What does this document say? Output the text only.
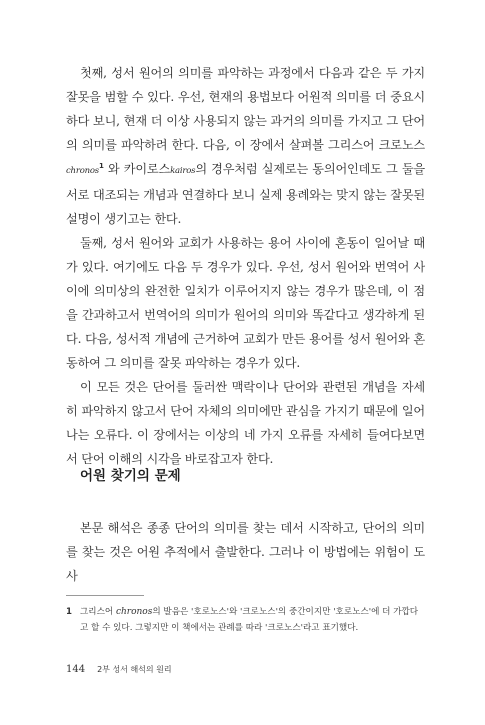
첫째, 성서 원어의 의미를 파악하는 과정에서 다음과 같은 두 가지 잘못을 범할 수 있다. 우선, 현재의 용법보다 어원적 의미를 더 중요시하다 보니, 현재 더 이상 사용되지 않는 과거의 의미를 가지고 그 단어의 의미를 파악하려 한다. 다음, 이 장에서 살펴볼 그리스어 크로노스chronos$^1$ 와 카이로스kairos의 경우처럼 실제로는 동의어인데도 그 둘을 서로 대조되는 개념과 연결하다 보니 실제 용례와는 맞지 않는 잘못된 설명이 생기고는 한다.

둘째, 성서 원어와 교회가 사용하는 용어 사이에 혼동이 일어날 때가 있다. 여기에도 다음 두 경우가 있다. 우선, 성서 원어와 번역어 사이에 의미상의 완전한 일치가 이루어지지 않는 경우가 많은데, 이 점을 간과하고서 번역어의 의미가 원어의 의미와 똑같다고 생각하게 된다. 다음, 성서적 개념에 근거하여 교회가 만든 용어를 성서 원어와 혼동하여 그 의미를 잘못 파악하는 경우가 있다.

이 모든 것은 단어를 둘러싼 맥락이나 단어와 관련된 개념을 자세히 파악하지 않고서 단어 자체의 의미에만 관심을 가지기 때문에 일어나는 오류다. 이 장에서는 이상의 네 가지 오류를 자세히 들여다보면서 단어 이해의 시각을 바로잡고자 한다.

어원 찾기의 문제

본문 해석은 종종 단어의 의미를 찾는 데서 시작하고, 단어의 의미를 찾는 것은 어원 추적에서 출발한다. 그러나 이 방법에는 위험이 도사

1 그리스어 chronos의 발음은 '호로노스'와 '크로노스'의 중간이지만 '호로노스'에 더 가깝다고 할 수 있다. 그렇지만 이 책에서는 관례를 따라 '크로노스'라고 표기했다.
144 2부 성서 해석의 원리
